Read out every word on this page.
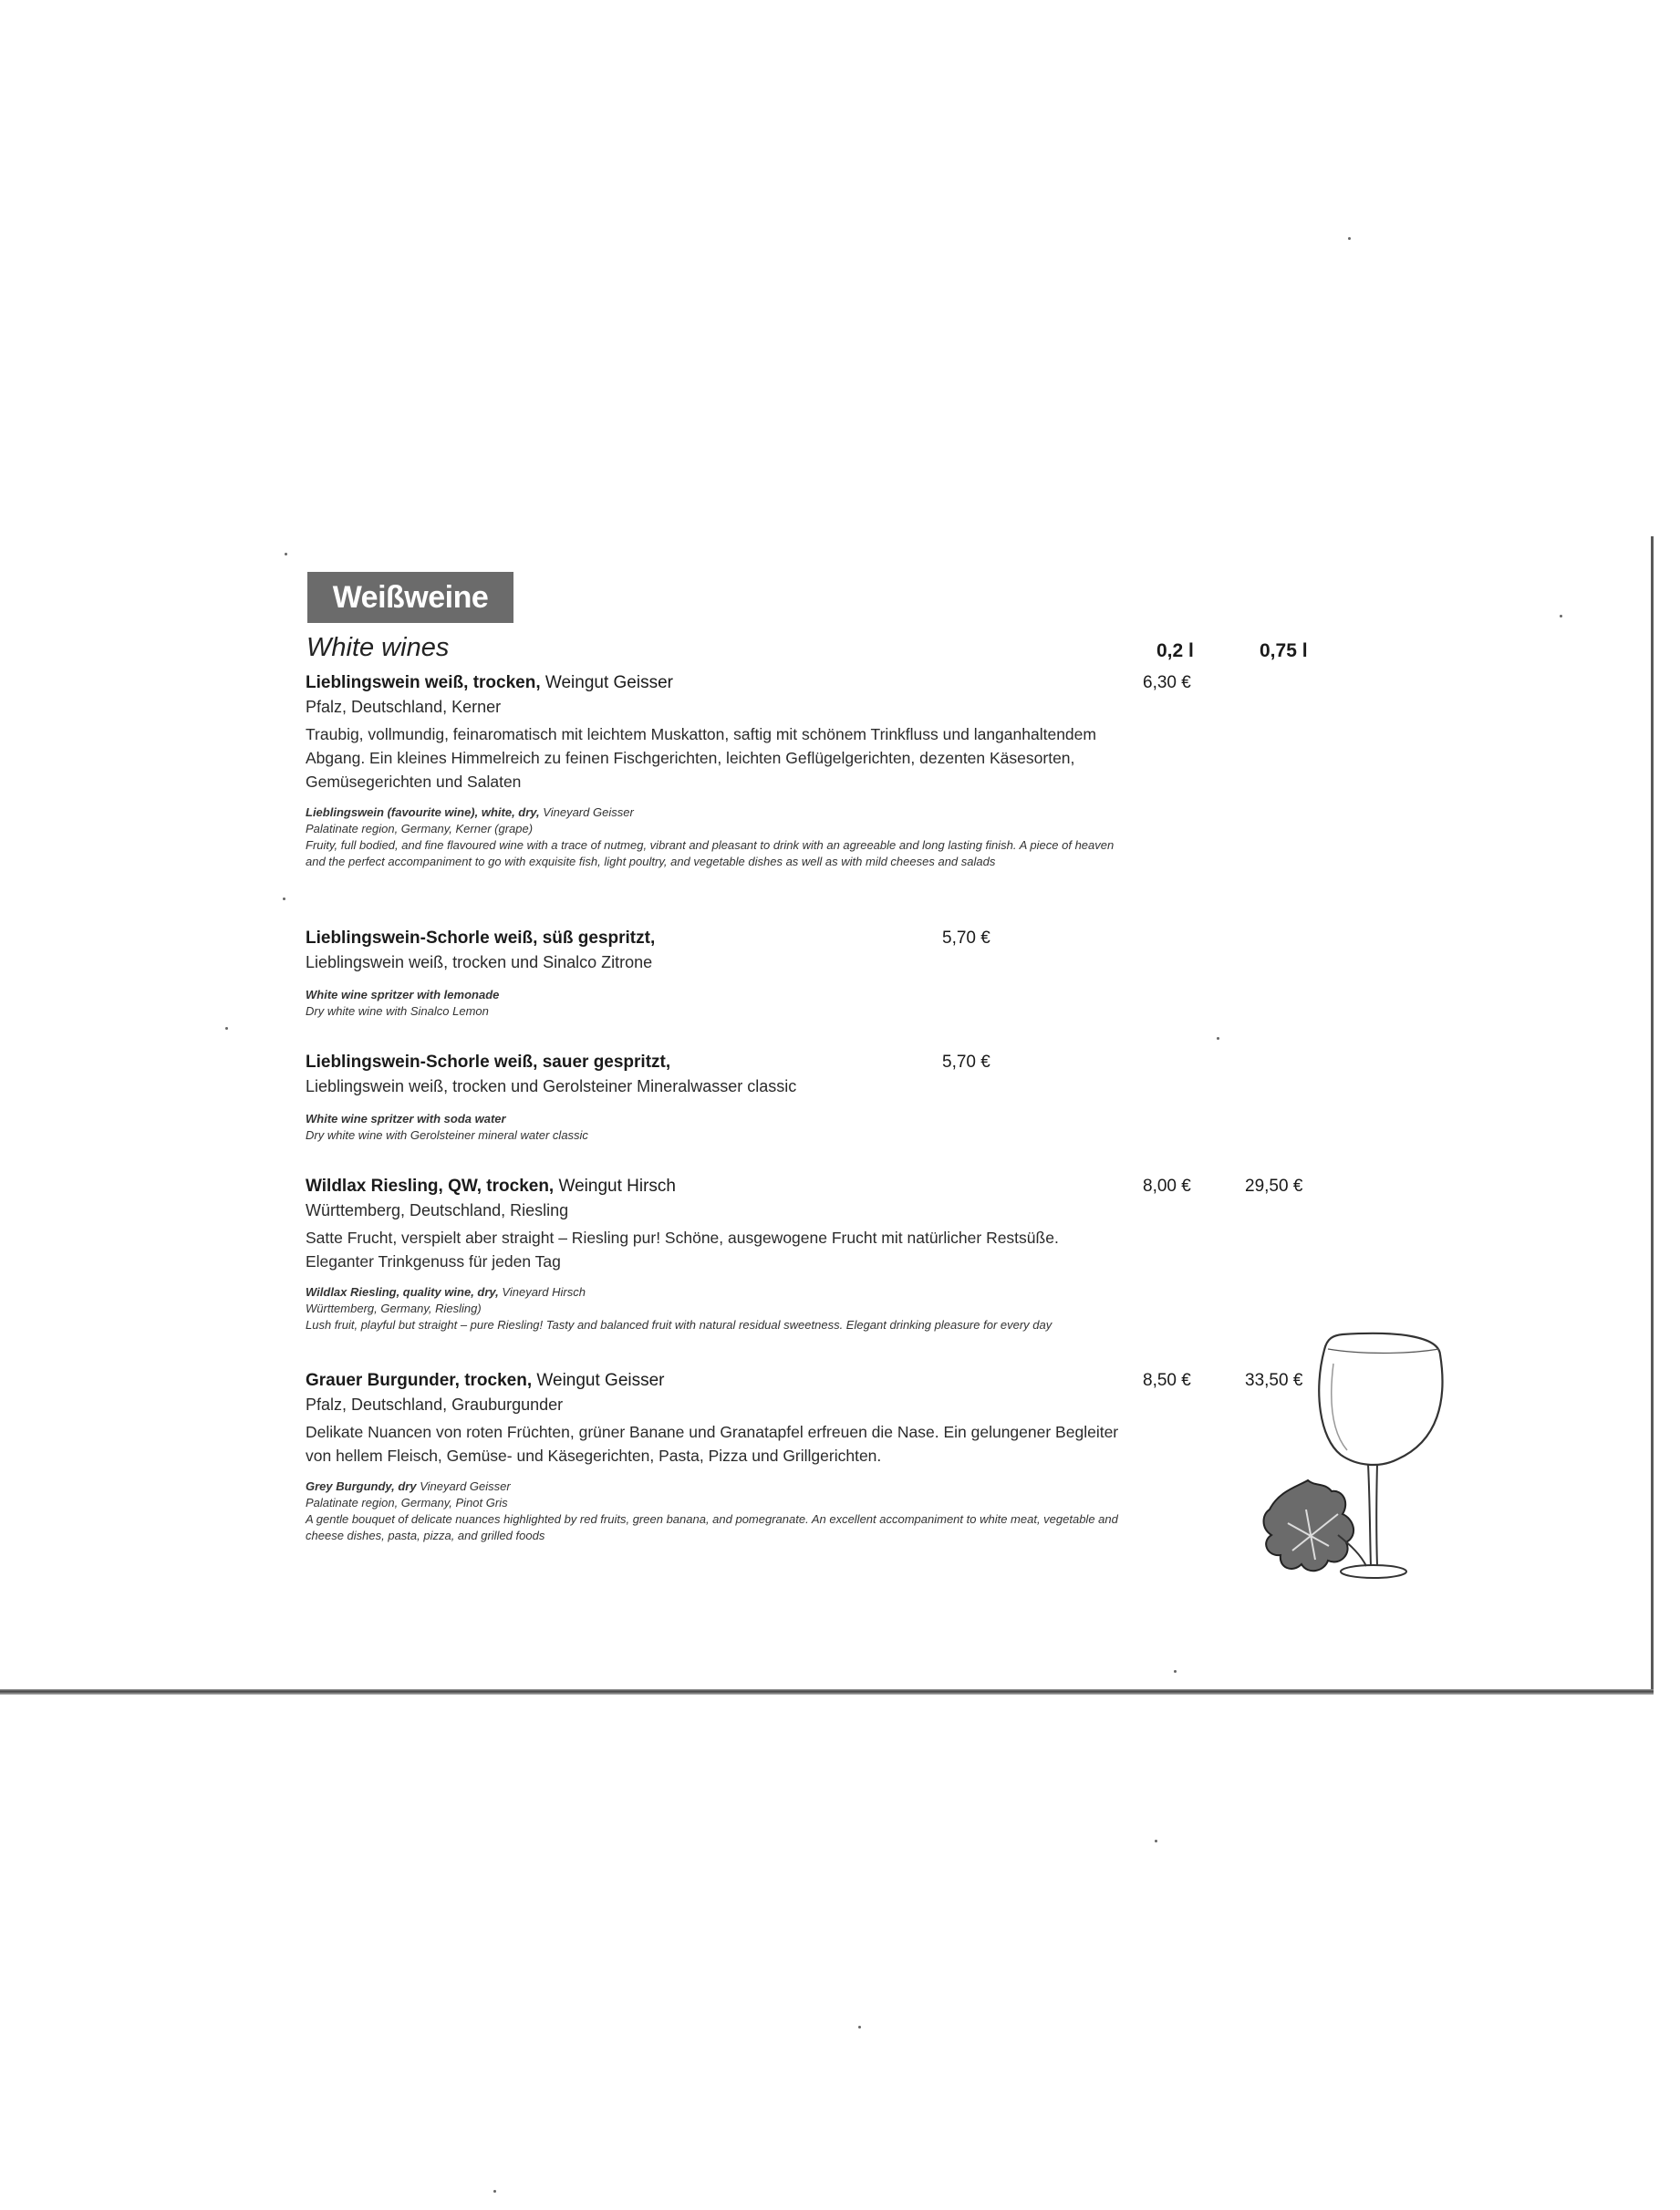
Weißweine
White wines	0,2 l	0,75 l
Lieblingswein weiß, trocken, Weingut Geisser
Pfalz, Deutschland, Kerner
Traubig, vollmundig, feinaromatisch mit leichtem Muskatton, saftig mit schönem Trinkfluss und langanhaltendem Abgang. Ein kleines Himmelreich zu feinen Fischgerichten, leichten Geflügelgerichten, dezenten Käsesorten, Gemüsegerichten und Salaten
Lieblingswein (favourite wine), white, dry, Vineyard Geisser
Palatinate region, Germany, Kerner (grape)
Fruity, full bodied, and fine flavoured wine with a trace of nutmeg, vibrant and pleasant to drink with an agreeable and long lasting finish. A piece of heaven and the perfect accompaniment to go with exquisite fish, light poultry, and vegetable dishes as well as with mild cheeses and salads
6,30 €
Lieblingswein-Schorle weiß, süß gespritzt,
Lieblingswein weiß, trocken und Sinalco Zitrone
White wine spritzer with lemonade
Dry white wine with Sinalco Lemon
5,70 €
Lieblingswein-Schorle weiß, sauer gespritzt,
Lieblingswein weiß, trocken und Gerolsteiner Mineralwasser classic
White wine spritzer with soda water
Dry white wine with Gerolsteiner mineral water classic
5,70 €
Wildlax Riesling, QW, trocken, Weingut Hirsch
Württemberg, Deutschland, Riesling
Satte Frucht, verspielt aber straight – Riesling pur! Schöne, ausgewogene Frucht mit natürlicher Restsüße. Eleganter Trinkgenuss für jeden Tag
Wildlax Riesling, quality wine, dry, Vineyard Hirsch
Württemberg, Germany, Riesling)
Lush fruit, playful but straight – pure Riesling! Tasty and balanced fruit with natural residual sweetness. Elegant drinking pleasure for every day
8,00 €	29,50 €
Grauer Burgunder, trocken, Weingut Geisser
Pfalz, Deutschland, Grauburgunder
Delikate Nuancen von roten Früchten, grüner Banane und Granatapfel erfreuen die Nase. Ein gelungener Begleiter von hellem Fleisch, Gemüse- und Käsegerichten, Pasta, Pizza und Grillgerichten.
Grey Burgundy, dry Vineyard Geisser
Palatinate region, Germany, Pinot Gris
A gentle bouquet of delicate nuances highlighted by red fruits, green banana, and pomegranate. An excellent accompaniment to white meat, vegetable and cheese dishes, pasta, pizza, and grilled foods
8,50 €	33,50 €
